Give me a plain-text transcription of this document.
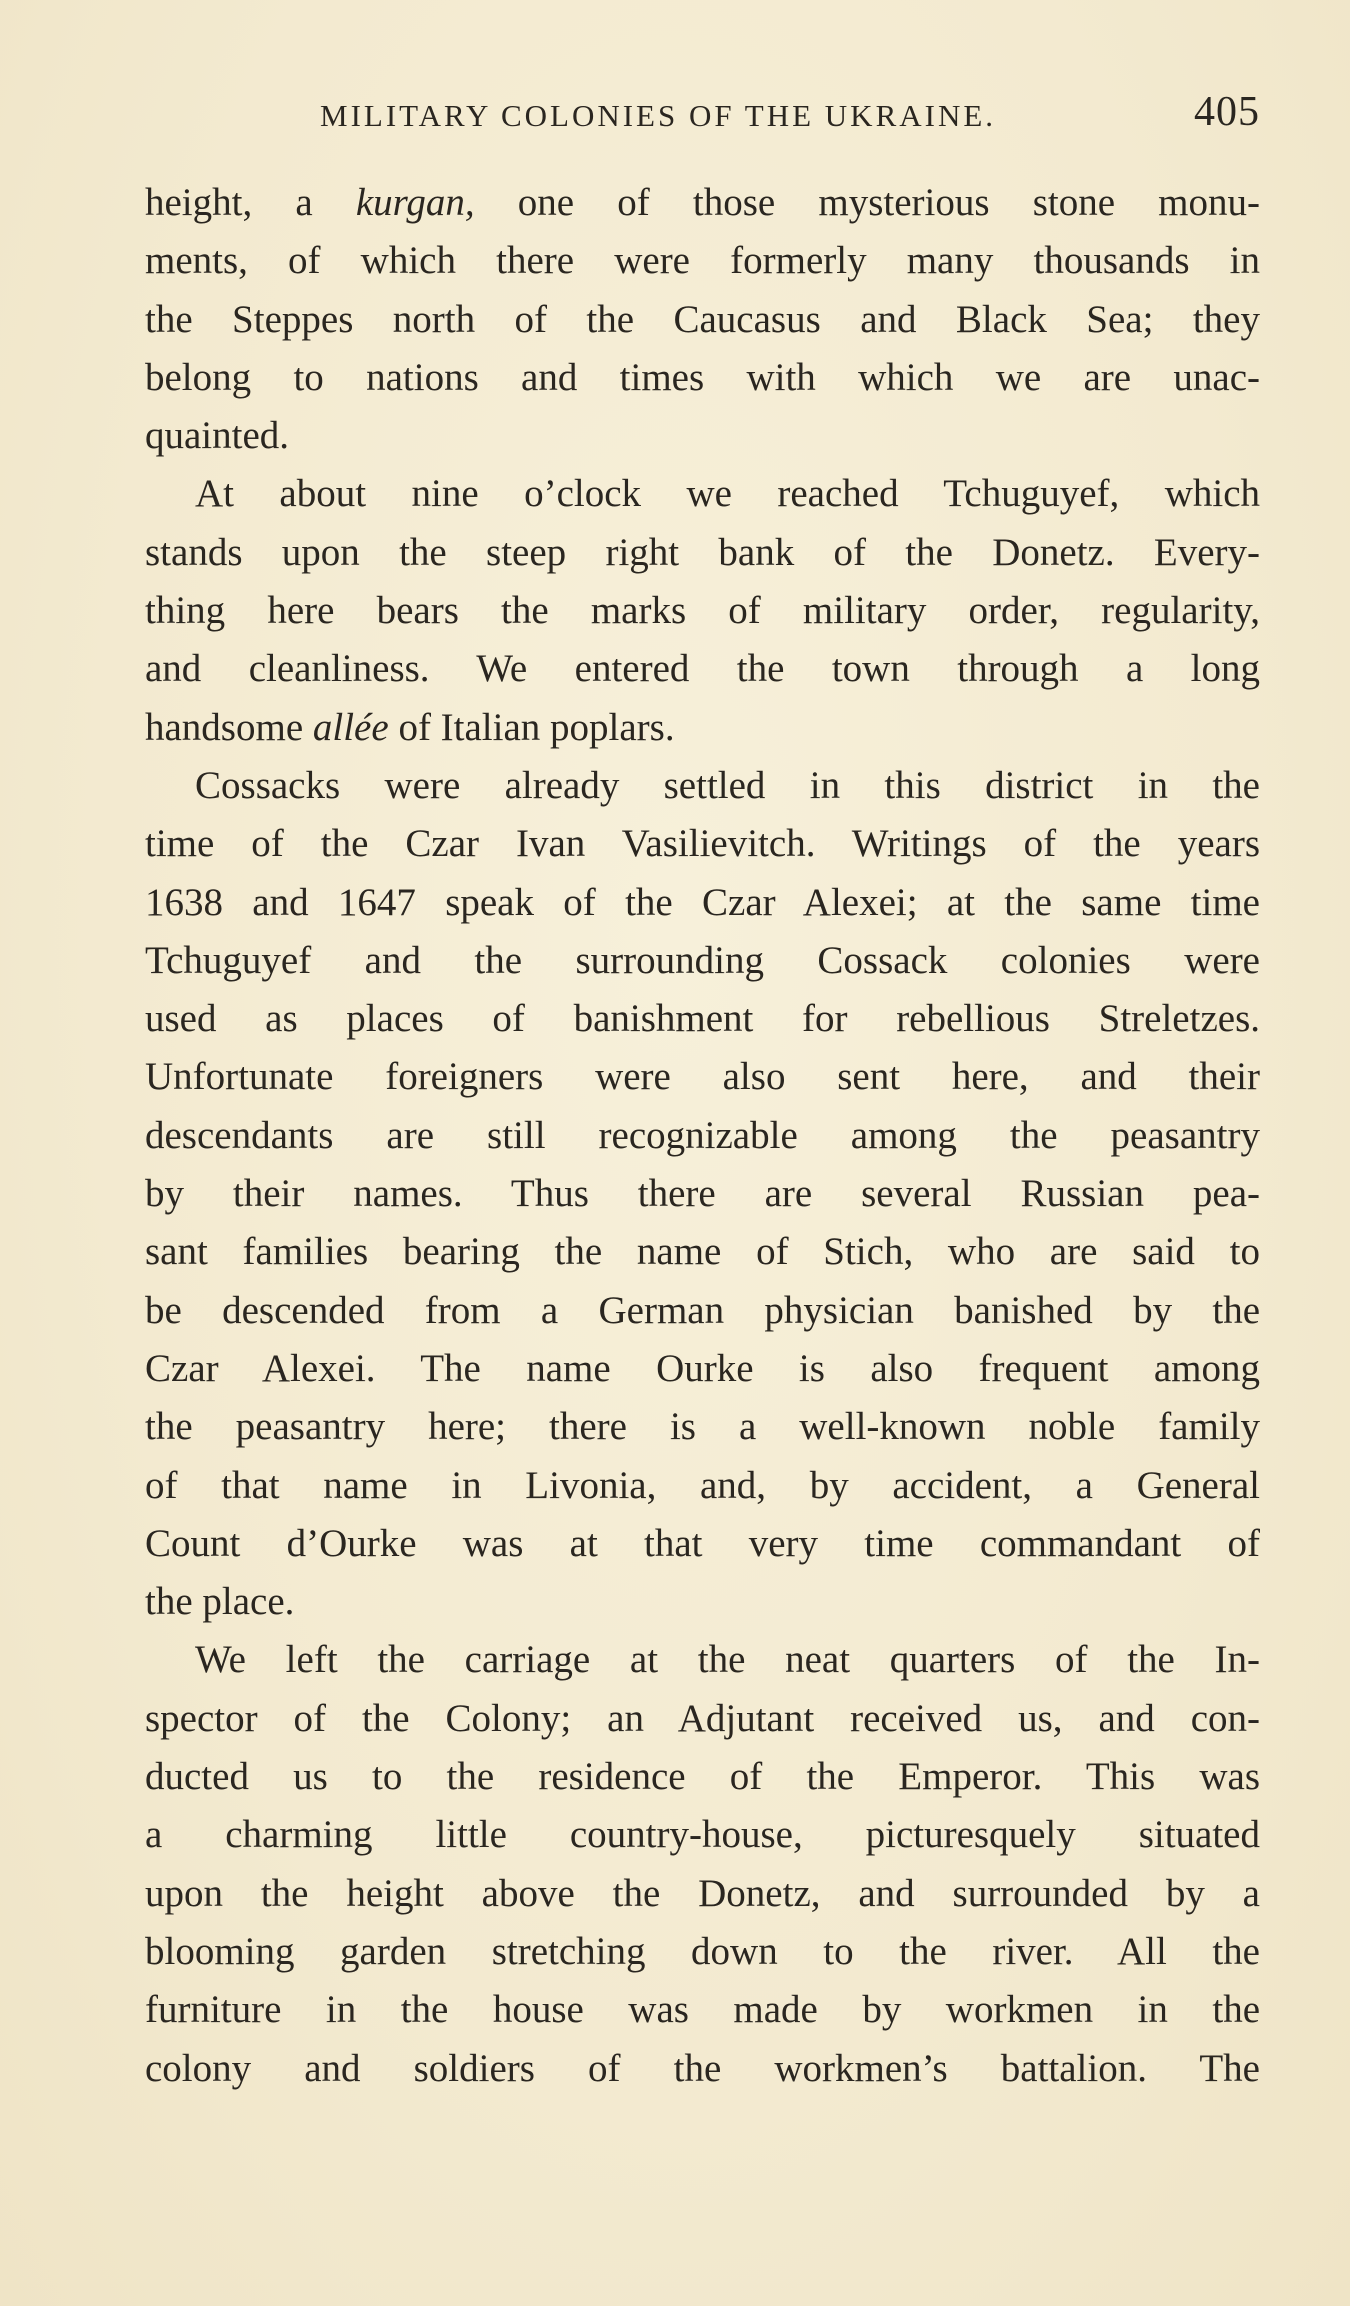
MILITARY COLONIES OF THE UKRAINE.	405
height, a kurgan, one of those mysterious stone monu-
ments, of which there were formerly many thousands in
the Steppes north of the Caucasus and Black Sea; they
belong to nations and times with which we are unac-
quainted.
At about nine o’clock we reached Tchuguyef, which
stands upon the steep right bank of the Donetz. Every-
thing here bears the marks of military order, regularity,
and cleanliness. We entered the town through a long
handsome allée of Italian poplars.
Cossacks were already settled in this district in the
time of the Czar Ivan Vasilievitch. Writings of the years
1638 and 1647 speak of the Czar Alexei; at the same time
Tchuguyef and the surrounding Cossack colonies were
used as places of banishment for rebellious Streletzes.
Unfortunate foreigners were also sent here, and their
descendants are still recognizable among the peasantry
by their names. Thus there are several Russian pea-
sant families bearing the name of Stich, who are said to
be descended from a German physician banished by the
Czar Alexei. The name Ourke is also frequent among
the peasantry here; there is a well-known noble family
of that name in Livonia, and, by accident, a General
Count d’Ourke was at that very time commandant of
the place.
We left the carriage at the neat quarters of the In-
spector of the Colony; an Adjutant received us, and con-
ducted us to the residence of the Emperor. This was
a charming little country-house, picturesquely situated
upon the height above the Donetz, and surrounded by a
blooming garden stretching down to the river. All the
furniture in the house was made by workmen in the
colony and soldiers of the workmen’s battalion. The
